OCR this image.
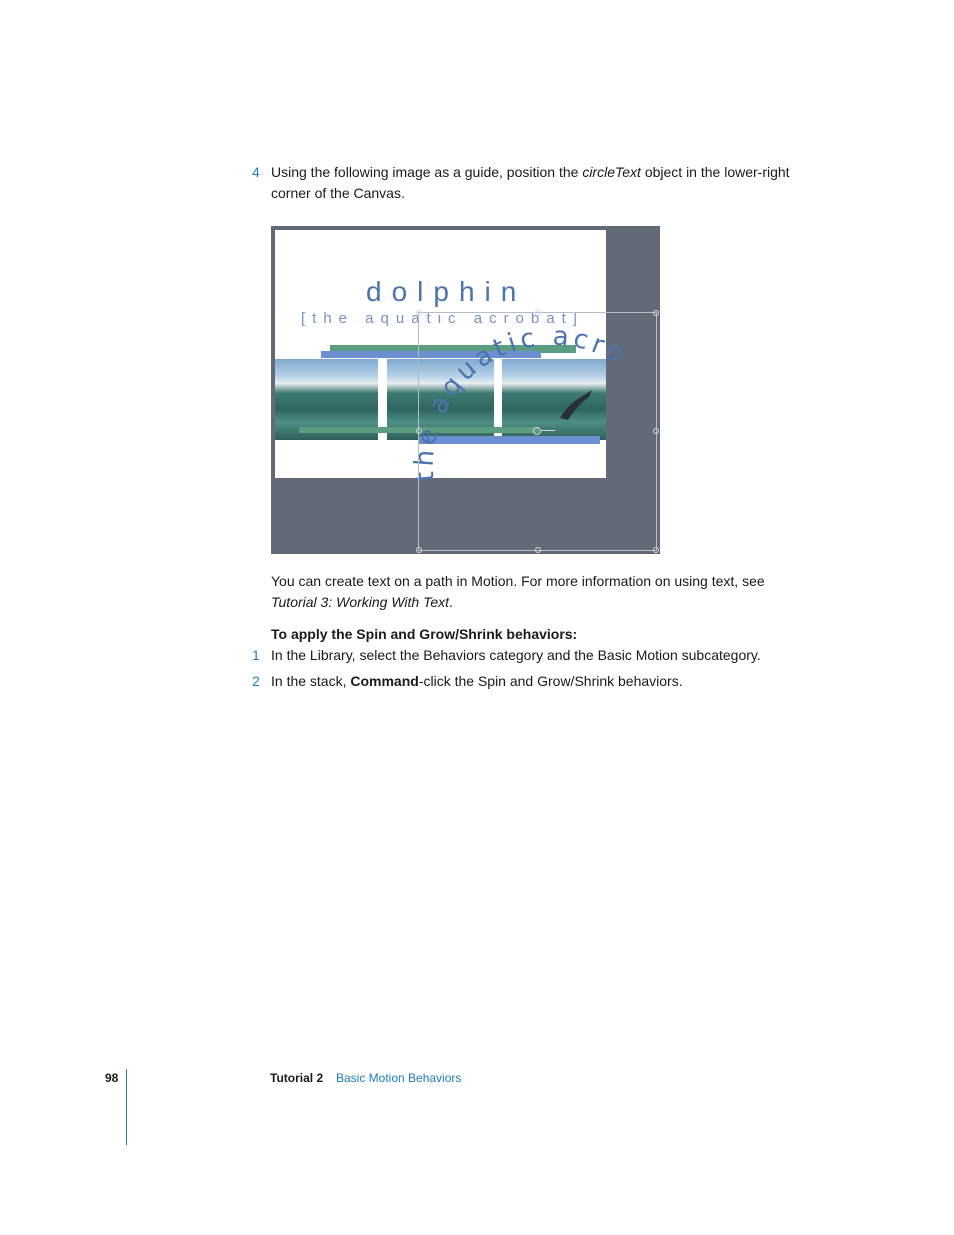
4 Using the following image as a guide, position the circleText object in the lower-right
corner of the Canvas.
dolphin
[the aquatic acrobat]
the aquatic acro
You can create text on a path in Motion. For more information on using text, see
Tutorial 3: Working With Text.
To apply the Spin and Grow/Shrink behaviors:
1 In the Library, select the Behaviors category and the Basic Motion subcategory.
2 In the stack, Command-click the Spin and Grow/Shrink behaviors.
98	Tutorial 2 Basic Motion Behaviors
